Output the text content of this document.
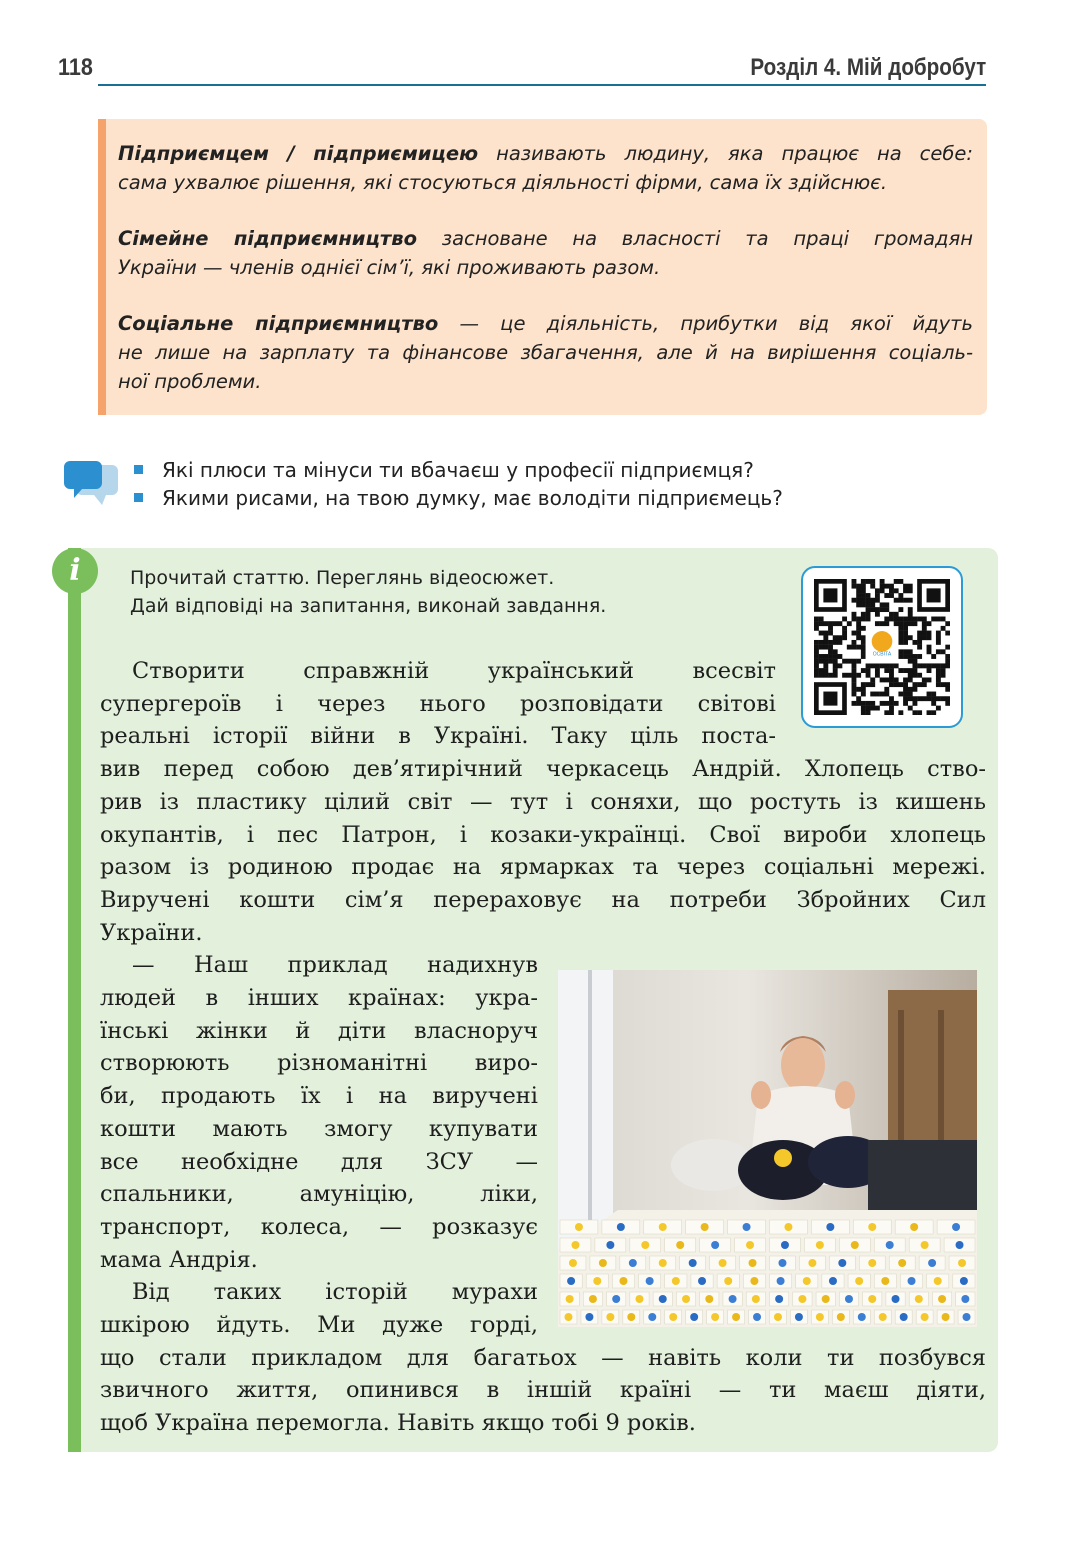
118	Розділ 4. Мій добробут

Підприємцем / підприємицею називають людину, яка працює на себе:
сама ухвалює рішення, які стосуються діяльності фірми, сама їх здійснює.

Сімейне підприємництво засноване на власності та праці громадян
України — членів однієї сім’ї, які проживають разом.

Соціальне підприємництво — це діяльність, прибутки від якої йдуть
не лише на зарплату та фінансове збагачення, але й на вирішення соціаль-
ної проблеми.

Які плюси та мінуси ти вбачаєш у професії підприємця?
Якими рисами, на твою думку, має володіти підприємець?
i	Прочитай статтю. Переглянь відеосюжет.
Дай відповіді на запитання, виконай завдання.
ОСВІТА
Створити справжній український всесвіт
супергероїв і через нього розповідати світові
реальні історії війни в Україні. Таку ціль поста-
вив перед собою дев’ятирічний черкасець Андрій. Хлопець ство-
рив із пластику цілий світ — тут і соняхи, що ростуть із кишень
окупантів, і пес Патрон, і козаки-українці. Свої вироби хлопець
разом із родиною продає на ярмарках та через соціальні мережі.
Виручені кошти сім’я перераховує на потреби Збройних Сил
України.
— Наш приклад надихнув
людей в інших країнах: укра-
їнські жінки й діти власноруч
створюють різноманітні виро-
би, продають їх і на виручені
кошти мають змогу купувати
все необхідне для ЗСУ —
спальники, амуніцію, ліки,
транспорт, колеса, — розказує
мама Андрія.
Від таких історій мурахи
шкірою йдуть. Ми дуже горді,
що стали прикладом для багатьох — навіть коли ти позбувся
звичного життя, опинився в іншій країні — ти маєш діяти,
щоб Україна перемогла. Навіть якщо тобі 9 років.
